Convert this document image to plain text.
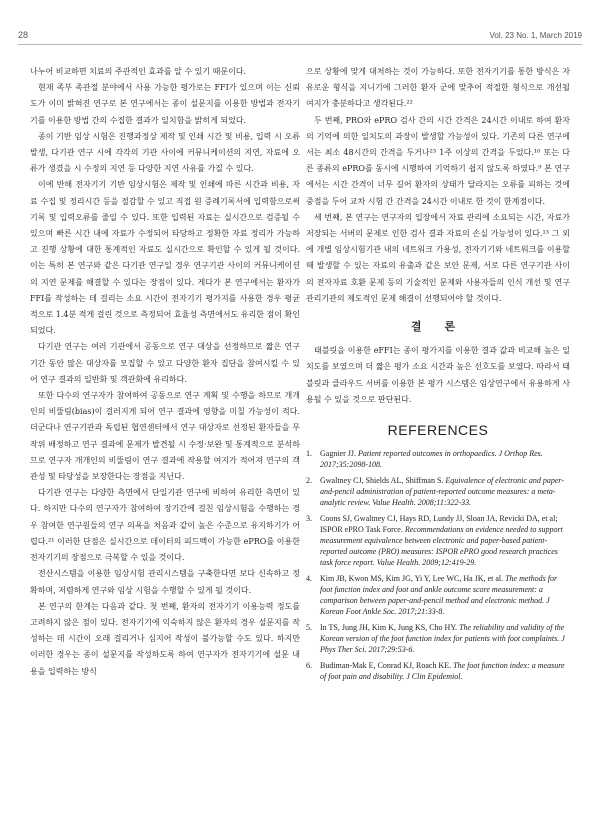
28	Vol. 23 No. 1, March 2019

나누어 비교하면 치료의 주관적인 효과를 알 수 있기 때문이다.

현재 족부 족관절 분야에서 사용 가능한 평가로는 FFI가 있으며 이는 신뢰도가 이미 밝혀진 연구로 본 연구에서는 종이 설문지를 이용한 방법과 전자기기를 이용한 방법 간의 수집한 결과가 일치함을 밝히게 되었다.

종이 기반 임상 시험은 진행과정상 제작 및 인쇄 시간 및 비용, 입력 시 오류발생, 다기관 연구 시에 각각의 기관 사이에 커뮤니케이션의 지연, 자료에 오류가 생겼을 시 수정의 지연 등 다양한 지연 사유를 가질 수 있다.

이에 반해 전자기기 기반 임상시험은 제작 및 인쇄에 따른 시간과 비용, 자료 수집 및 정리시간 등을 절감할 수 있고 직접 원 증례기록서에 입력함으로써 기록 및 입력오류를 줄일 수 있다. 또한 입력된 자료는 실시간으로 검증될 수 있으며 빠른 시간 내에 자료가 수정되어 타당하고 정확한 자료 정리가 가능하고 진행 상황에 대한 통계적인 자료도 실시간으로 확인할 수 있게 될 것이다. 이는 특히 본 연구와 같은 다기관 연구일 경우 연구기관 사이의 커뮤니케이션의 지연 문제를 해결할 수 있다는 장점이 있다. 게다가 본 연구에서는 환자가 FFI를 작성하는 데 걸리는 소요 시간이 전자기기 평가지를 사용한 경우 평균적으로 1.4분 적게 걸린 것으로 측정되어 효율성 측면에서도 유리한 점이 확인되었다.

다기관 연구는 여러 기관에서 공동으로 연구 대상을 선정하므로 짧은 연구기간 동안 많은 대상자를 모집할 수 있고 다양한 환자 집단을 참여시킬 수 있어 연구 결과의 일반화 및 객관화에 유리하다.

또한 다수의 연구자가 참여하여 공동으로 연구 계획 및 수행을 하므로 개개인의 비뚤림(bias)이 걸러지게 되어 연구 결과에 영향을 미칠 가능성이 적다. 더군다나 연구기관과 독립된 협연센터에서 연구 대상자로 선정된 환자들을 무작위 배정하고 연구 결과에 문제가 발견될 시 수정·보완 및 통계적으로 분석하므로 연구자 개개인의 비뚤림이 연구 결과에 작용할 여지가 적어져 연구의 객관성 및 타당성을 보장한다는 장점을 지닌다.

다기관 연구는 다양한 측면에서 단일기관 연구에 비하여 유리한 측면이 있다. 하지만 다수의 연구자가 참여하여 장기간에 걸친 임상시험을 수행하는 경우 참여한 연구원들의 연구 의욕을 처음과 같이 높은 수준으로 유지하기가 어렵다.²¹ 이러한 단점은 실시간으로 데이터의 피드백이 가능한 ePRO를 이용한 전자기기의 장점으로 극복할 수 있을 것이다.

전산시스템을 이용한 임상시험 관리시스템을 구축한다면 보다 신속하고 정확하며, 저렴하게 연구와 임상 시험을 수행할 수 있게 될 것이다.

본 연구의 한계는 다음과 같다. 첫 번째, 환자의 전자기기 이용능력 정도를 고려하지 않은 점이 있다. 전자기기에 익숙하지 않은 환자의 경우 설문지를 작성하는 데 시간이 오래 걸리거나 심지어 작성이 불가능할 수도 있다. 하지만 이러한 경우는 종이 설문지를 작성하도록 하여 연구자가 전자기기에 설문 내용을 입력하는 방식

으로 상황에 맞게 대처하는 것이 가능하다. 또한 전자기기를 통한 방식은 자유로운 형식을 지니기에 그러한 환자 군에 맞추어 적절한 형식으로 개선될 여지가 충분하다고 생각된다.²²

두 번째, PRO와 ePRO 검사 간의 시간 간격은 24시간 이내로 하여 환자의 기억에 의한 일치도의 과장이 발생할 가능성이 있다. 기존의 다른 연구에서는 최소 48시간의 간격을 두거나²³ 1주 이상의 간격을 두었다.¹⁰ 또는 다른 종류의 ePRO를 동시에 시행하여 기억하기 쉽지 않도록 하였다.⁹ 본 연구에서는 시간 간격이 너무 길어 환자의 상태가 달라지는 오류를 피하는 것에 중점을 두어 교차 시험 간 간격을 24시간 이내로 한 것이 한계점이다.

세 번째, 본 연구는 연구자의 입장에서 자료 관리에 소요되는 시간, 자료가 저장되는 서버의 문제로 인한 검사 결과 자료의 손실 가능성이 있다.¹³ 그 외에 개별 임상시험기관 내의 네트워크 가용성, 전자기기와 네트워크를 이용할 때 발생할 수 있는 자료의 유출과 같은 보안 문제, 서로 다른 연구기관 사이의 전자자료 호환 문제 등의 기술적인 문제와 사용자들의 인식 개선 및 연구관리기관의 제도적인 문제 해결이 선행되어야 할 것이다.

결 론

태블릿을 이용한 eFFI는 종이 평가지를 이용한 결과 값과 비교해 높은 일치도를 보였으며 더 짧은 평가 소요 시간과 높은 선호도를 보였다. 따라서 태블릿과 클라우드 서버를 이용한 본 평가 시스템은 임상연구에서 유용하게 사용될 수 있을 것으로 판단된다.

REFERENCES
1. Gagnier JJ. Patient reported outcomes in orthopaedics. J Orthop Res. 2017;35:2098-108.
2. Gwaltney CJ, Shields AL, Shiffman S. Equivalence of electronic and paper-and-pencil administration of patient-reported outcome measures: a meta-analytic review. Value Health. 2008;11:322-33.
3. Coons SJ, Gwaltney CJ, Hays RD, Lundy JJ, Sloan JA, Revicki DA, et al; ISPOR ePRO Task Force. Recommendations on evidence needed to support measurement equivalence between electronic and paper-based patient-reported outcome (PRO) measures: ISPOR ePRO good research practices task force report. Value Health. 2009;12:419-29.
4. Kim JB, Kwon MS, Kim JG, Yi Y, Lee WC, Ha JK, et al. The methods for foot function index and foot and ankle outcome score measurement: a comparison between paper-and-pencil method and electronic method. J Korean Foot Ankle Soc. 2017;21:33-8.
5. In TS, Jung JH, Kim K, Jung KS, Cho HY. The reliability and validity of the Korean version of the foot function index for patients with foot complaints. J Phys Ther Sci. 2017;29:53-6.
6. Budiman-Mak E, Conrad KJ, Roach KE. The foot function index: a measure of foot pain and disability. J Clin Epidemiol.
